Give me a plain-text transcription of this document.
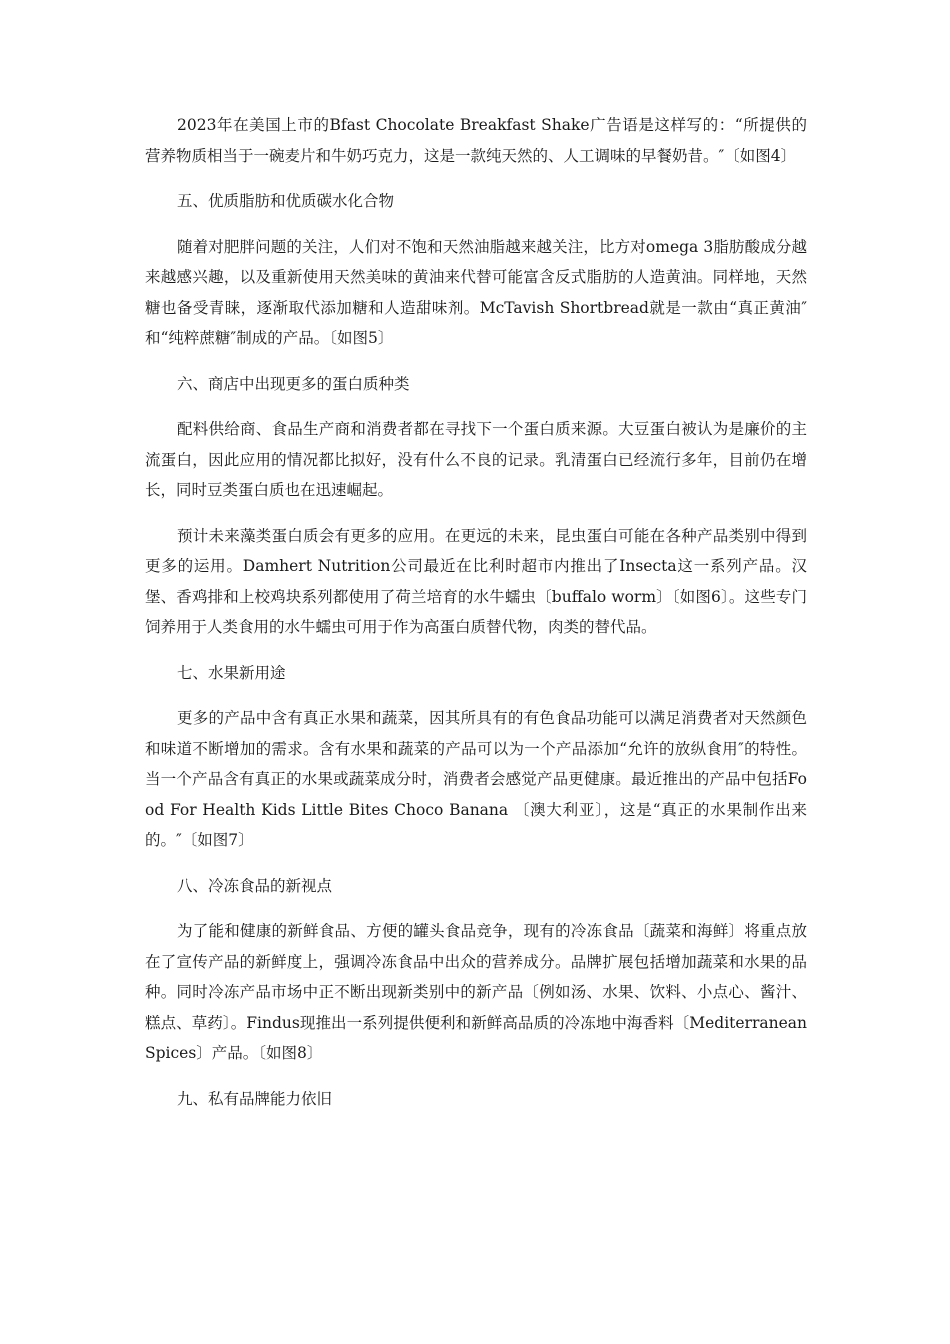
2023年在美国上市的Bfast Chocolate Breakfast Shake广告语是这样写的：“所提供的营养物质相当于一碗麦片和牛奶巧克力，这是一款纯天然的、人工调味的早餐奶昔。″〔如图4〕

五、优质脂肪和优质碳水化合物

随着对肥胖问题的关注，人们对不饱和天然油脂越来越关注，比方对omega 3脂肪酸成分越来越感兴趣，以及重新使用天然美味的黄油来代替可能富含反式脂肪的人造黄油。同样地，天然糖也备受青睐，逐渐取代添加糖和人造甜味剂。McTavish Shortbread就是一款由“真正黄油″和“纯粹蔗糖″制成的产品。〔如图5〕

六、商店中出现更多的蛋白质种类

配料供给商、食品生产商和消费者都在寻找下一个蛋白质来源。大豆蛋白被认为是廉价的主流蛋白，因此应用的情况都比拟好，没有什么不良的记录。乳清蛋白已经流行多年，目前仍在增长，同时豆类蛋白质也在迅速崛起。

预计未来藻类蛋白质会有更多的应用。在更远的未来，昆虫蛋白可能在各种产品类别中得到更多的运用。Damhert Nutrition公司最近在比利时超市内推出了Insecta这一系列产品。汉堡、香鸡排和上校鸡块系列都使用了荷兰培育的水牛蠕虫〔buffalo worm〕〔如图6〕。这些专门饲养用于人类食用的水牛蠕虫可用于作为高蛋白质替代物，肉类的替代品。

七、水果新用途

更多的产品中含有真正水果和蔬菜，因其所具有的有色食品功能可以满足消费者对天然颜色和味道不断增加的需求。含有水果和蔬菜的产品可以为一个产品添加“允许的放纵食用″的特性。当一个产品含有真正的水果或蔬菜成分时，消费者会感觉产品更健康。最近推出的产品中包括Food For Health Kids Little Bites Choco Banana 〔澳大利亚〕，这是“真正的水果制作出来的。″〔如图7〕

八、冷冻食品的新视点

为了能和健康的新鲜食品、方便的罐头食品竞争，现有的冷冻食品〔蔬菜和海鲜〕将重点放在了宣传产品的新鲜度上，强调冷冻食品中出众的营养成分。品牌扩展包括增加蔬菜和水果的品种。同时冷冻产品市场中正不断出现新类别中的新产品〔例如汤、水果、饮料、小点心、酱汁、糕点、草药〕。Findus现推出一系列提供便利和新鲜高品质的冷冻地中海香料〔Mediterranean Spices〕产品。〔如图8〕

九、私有品牌能力依旧
